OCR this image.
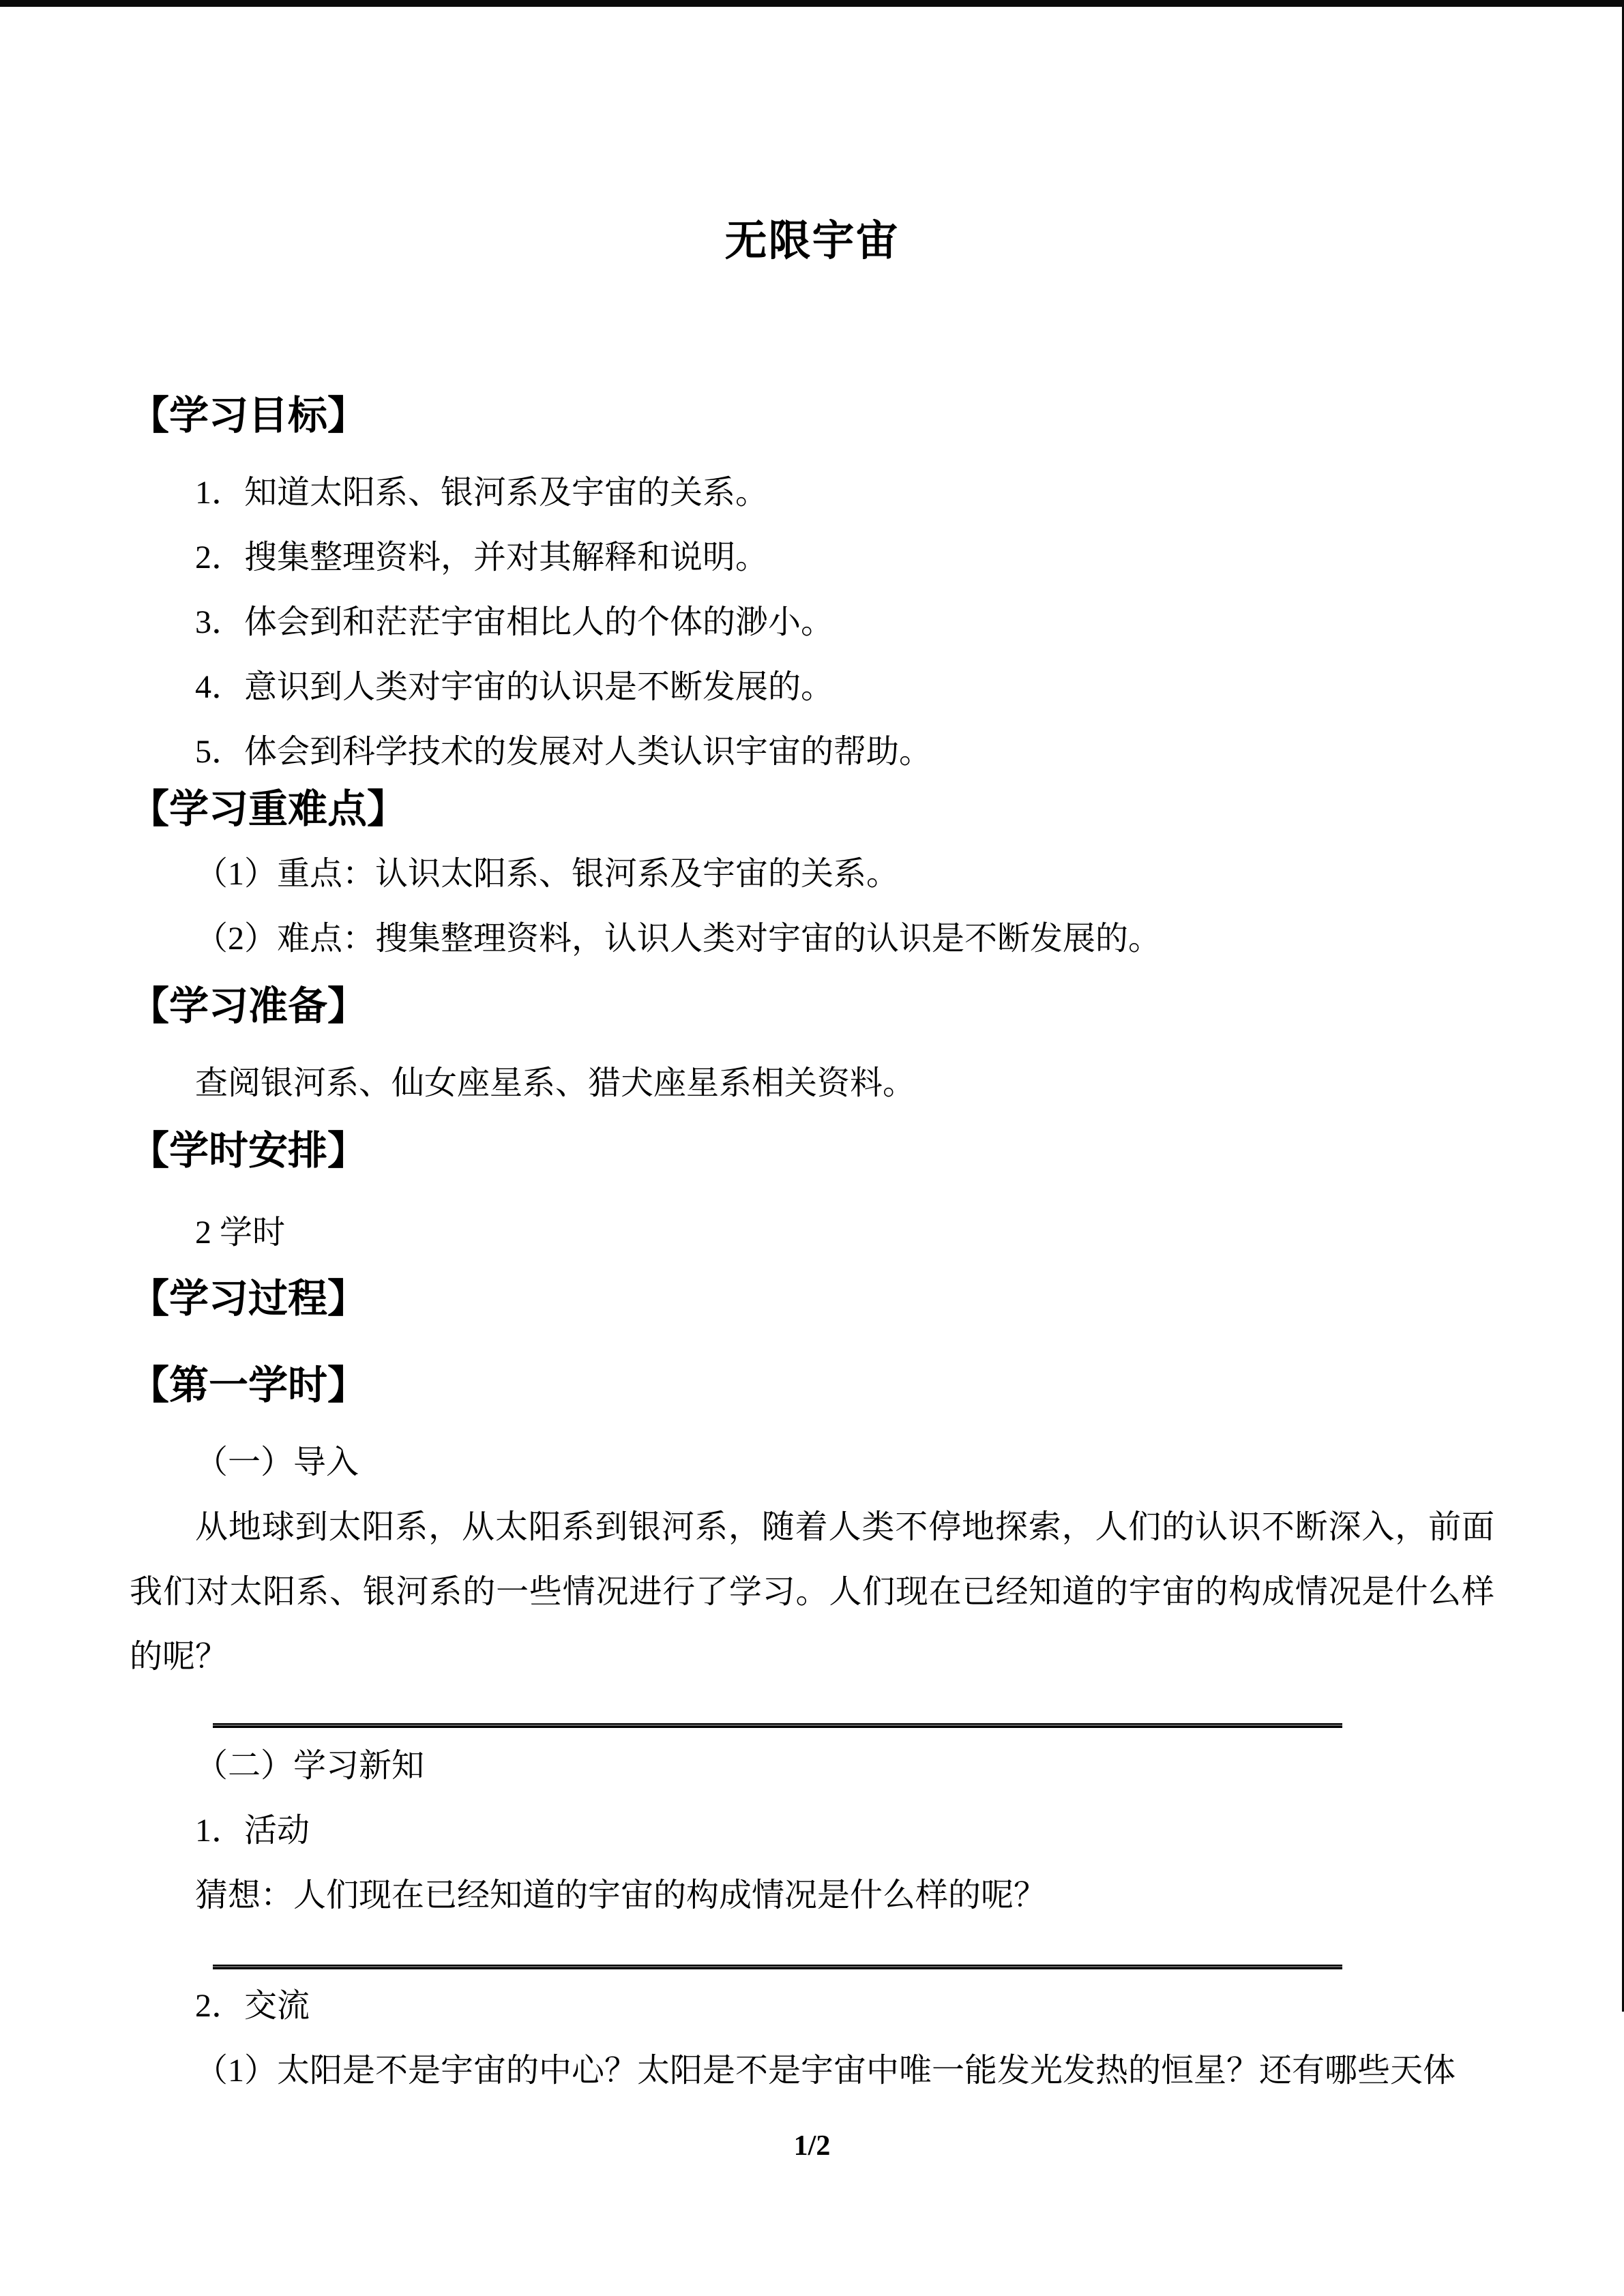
无限宇宙
【学习目标】
1．知道太阳系、银河系及宇宙的关系。
2．搜集整理资料，并对其解释和说明。
3．体会到和茫茫宇宙相比人的个体的渺小。
4．意识到人类对宇宙的认识是不断发展的。
5．体会到科学技术的发展对人类认识宇宙的帮助。
【学习重难点】
（1）重点：认识太阳系、银河系及宇宙的关系。
（2）难点：搜集整理资料，认识人类对宇宙的认识是不断发展的。
【学习准备】
查阅银河系、仙女座星系、猎犬座星系相关资料。
【学时安排】
2 学时
【学习过程】
【第一学时】
（一）导入
从地球到太阳系，从太阳系到银河系，随着人类不停地探索，人们的认识不断深入，前面我们对太阳系、银河系的一些情况进行了学习。人们现在已经知道的宇宙的构成情况是什么样的呢？
（二）学习新知
1．活动
猜想：人们现在已经知道的宇宙的构成情况是什么样的呢？
2．交流
（1）太阳是不是宇宙的中心？太阳是不是宇宙中唯一能发光发热的恒星？还有哪些天体
1/2
